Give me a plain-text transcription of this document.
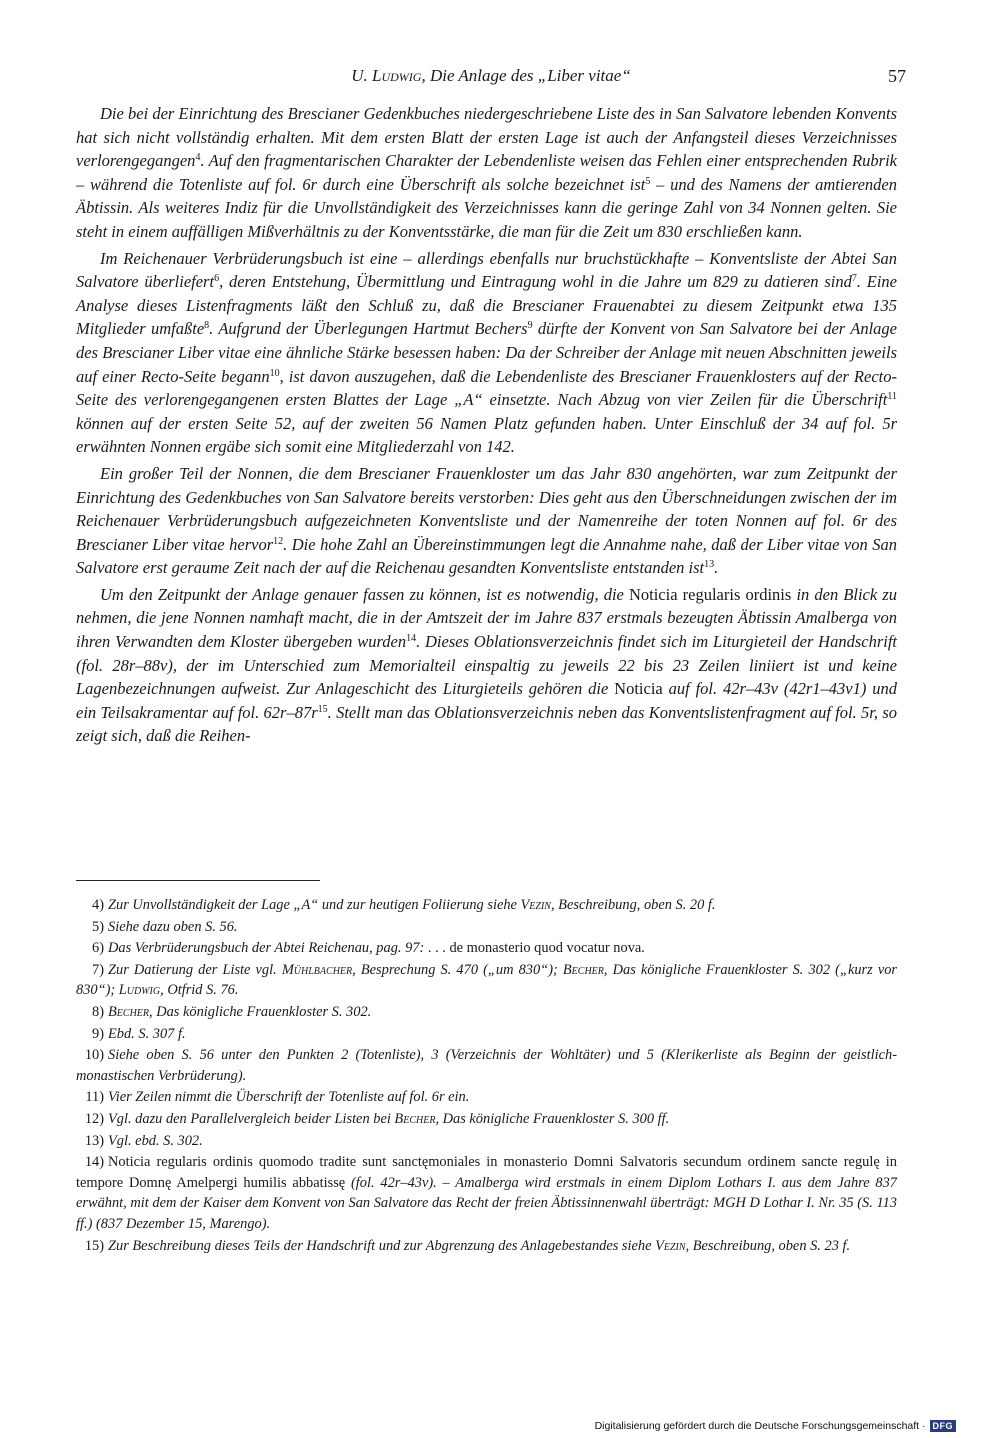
U. Ludwig, Die Anlage des „Liber vitae“	57

Die bei der Einrichtung des Brescianer Gedenkbuches niedergeschriebene Liste des in San Salvatore lebenden Konvents hat sich nicht vollständig erhalten. Mit dem ersten Blatt der ersten Lage ist auch der Anfangsteil dieses Verzeichnisses verlorengegangen$^4$. Auf den fragmentarischen Charakter der Lebendenliste weisen das Fehlen einer entsprechenden Rubrik – während die Totenliste auf fol. 6r durch eine Überschrift als solche bezeichnet ist$^5$ – und des Namens der amtierenden Äbtissin. Als weiteres Indiz für die Unvollständigkeit des Verzeichnisses kann die geringe Zahl von 34 Nonnen gelten. Sie steht in einem auffälligen Mißverhältnis zu der Konventsstärke, die man für die Zeit um 830 erschließen kann.

Im Reichenauer Verbrüderungsbuch ist eine – allerdings ebenfalls nur bruchstückhafte – Konventsliste der Abtei San Salvatore überliefert$^6$, deren Entstehung, Übermittlung und Eintragung wohl in die Jahre um 829 zu datieren sind$^7$. Eine Analyse dieses Listenfragments läßt den Schluß zu, daß die Brescianer Frauenabtei zu diesem Zeitpunkt etwa 135 Mitglieder umfaßte$^8$. Aufgrund der Überlegungen Hartmut Bechers$^9$ dürfte der Konvent von San Salvatore bei der Anlage des Brescianer Liber vitae eine ähnliche Stärke besessen haben: Da der Schreiber der Anlage mit neuen Abschnitten jeweils auf einer Recto-Seite begann$^{10}$, ist davon auszugehen, daß die Lebendenliste des Brescianer Frauenklosters auf der Recto-Seite des verlorengegangenen ersten Blattes der Lage „A“ einsetzte. Nach Abzug von vier Zeilen für die Überschrift$^{11}$ können auf der ersten Seite 52, auf der zweiten 56 Namen Platz gefunden haben. Unter Einschluß der 34 auf fol. 5r erwähnten Nonnen ergäbe sich somit eine Mitgliederzahl von 142.

Ein großer Teil der Nonnen, die dem Brescianer Frauenkloster um das Jahr 830 angehörten, war zum Zeitpunkt der Einrichtung des Gedenkbuches von San Salvatore bereits verstorben: Dies geht aus den Überschneidungen zwischen der im Reichenauer Verbrüderungsbuch aufgezeichneten Konventsliste und der Namenreihe der toten Nonnen auf fol. 6r des Brescianer Liber vitae hervor$^{12}$. Die hohe Zahl an Übereinstimmungen legt die Annahme nahe, daß der Liber vitae von San Salvatore erst geraume Zeit nach der auf die Reichenau gesandten Konventsliste entstanden ist$^{13}$.

Um den Zeitpunkt der Anlage genauer fassen zu können, ist es notwendig, die Noticia regularis ordinis in den Blick zu nehmen, die jene Nonnen namhaft macht, die in der Amtszeit der im Jahre 837 erstmals bezeugten Äbtissin Amalberga von ihren Verwandten dem Kloster übergeben wurden$^{14}$. Dieses Oblationsverzeichnis findet sich im Liturgieteil der Handschrift (fol. 28r–88v), der im Unterschied zum Memorialteil einspaltig zu jeweils 22 bis 23 Zeilen liniiert ist und keine Lagenbezeichnungen aufweist. Zur Anlageschicht des Liturgieteils gehören die Noticia auf fol. 42r–43v (42r1–43v1) und ein Teilsakramentar auf fol. $62r-87r^{15}$. Stellt man das Oblationsverzeichnis neben das Konventslistenfragment auf fol. 5r, so zeigt sich, daß die Reihen-

4) Zur Unvollständigkeit der Lage „A“ und zur heutigen Foliierung siehe Vezin, Beschreibung, oben S. 20 f.
5) Siehe dazu oben S. 56.
6) Das Verbrüderungsbuch der Abtei Reichenau, pag. 97: . . . de monasterio quod vocatur nova.
7) Zur Datierung der Liste vgl. Mühlbacher, Besprechung S. 470 („um 830“); Becher, Das königliche Frauenkloster S. 302 („kurz vor 830“); Ludwig, Otfrid S. 76.
8) Becher, Das königliche Frauenkloster S. 302.
9) Ebd. S. 307 f.
10) Siehe oben S. 56 unter den Punkten 2 (Totenliste), 3 (Verzeichnis der Wohltäter) und 5 (Klerikerliste als Beginn der geistlich-monastischen Verbrüderung).
11) Vier Zeilen nimmt die Überschrift der Totenliste auf fol. 6r ein.
12) Vgl. dazu den Parallelvergleich beider Listen bei Becher, Das königliche Frauenkloster S. 300 ff.
13) Vgl. ebd. S. 302.
14) Noticia regularis ordinis quomodo tradite sunt sanctęmoniales in monasterio Domni Salvatoris secundum ordinem sancte regulę in tempore Domnę Amelpergi humilis abbatissę (fol. 42r–43v). – Amalberga wird erstmals in einem Diplom Lothars I. aus dem Jahre 837 erwähnt, mit dem der Kaiser dem Konvent von San Salvatore das Recht der freien Äbtissinnenwahl überträgt: MGH D Lothar I. Nr. 35 (S. 113 ff.) (837 Dezember 15, Marengo).
15) Zur Beschreibung dieses Teils der Handschrift und zur Abgrenzung des Anlagebestandes siehe Vezin, Beschreibung, oben S. 23 f.
Digitalisierung gefördert durch die Deutsche Forschungsgemeinschaft · DFG
